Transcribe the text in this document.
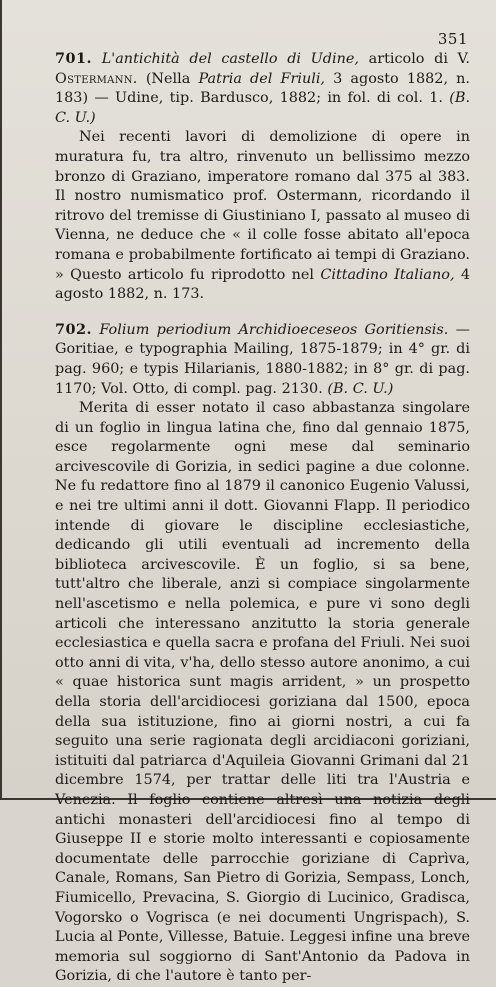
351

701. L'antichità del castello di Udine, articolo di V. Ostermann. (Nella Patria del Friuli, 3 agosto 1882, n. 183) — Udine, tip. Bardusco, 1882; in fol. di col. 1. (B. C. U.)

Nei recenti lavori di demolizione di opere in muratura fu, tra altro, rinvenuto un bellissimo mezzo bronzo di Graziano, imperatore romano dal 375 al 383. Il nostro numismatico prof. Ostermann, ricordando il ritrovo del tremisse di Giustiniano I, passato al museo di Vienna, ne deduce che « il colle fosse abitato all'epoca romana e probabilmente fortificato ai tempi di Graziano. » Questo articolo fu riprodotto nel Cittadino Italiano, 4 agosto 1882, n. 173.

702. Folium periodium Archidioeceseos Goritiensis. — Goritiae, e typographia Mailing, 1875-1879; in 4° gr. di pag. 960; e typis Hilarianis, 1880-1882; in 8° gr. di pag. 1170; Vol. Otto, di compl. pag. 2130. (B. C. U.)

Merita di esser notato il caso abbastanza singolare di un foglio in lingua latina che, fino dal gennaio 1875, esce regolarmente ogni mese dal seminario arcivescovile di Gorizia, in sedici pagine a due colonne. Ne fu redattore fino al 1879 il canonico Eugenio Valussi, e nei tre ultimi anni il dott. Giovanni Flapp. Il periodico intende di giovare le discipline ecclesiastiche, dedicando gli utili eventuali ad incremento della biblioteca arcivescovile. È un foglio, si sa bene, tutt'altro che liberale, anzi si compiace singolarmente nell'ascetismo e nella polemica, e pure vi sono degli articoli che interessano anzitutto la storia generale ecclesiastica e quella sacra e profana del Friuli. Nei suoi otto anni di vita, v'ha, dello stesso autore anonimo, a cui « quae historica sunt magis arrident, » un prospetto della storia dell'arcidiocesi goriziana dal 1500, epoca della sua istituzione, fino ai giorni nostri, a cui fa seguito una serie ragionata degli arcidiaconi goriziani, istituiti dal patriarca d'Aquileia Giovanni Grimani dal 21 dicembre 1574, per trattar delle liti tra l'Austria e Venezia. Il foglio contiene altresì una notizia degli antichi monasteri dell'arcidiocesi fino al tempo di Giuseppe II e storie molto interessanti e copiosamente documentate delle parrocchie goriziane di Caprìva, Canale, Romans, San Pietro di Gorizia, Sempass, Lonch, Fiumicello, Prevacina, S. Giorgio di Lucinico, Gradisca, Vogorsko o Vogrisca (e nei documenti Ungrispach), S. Lucia al Ponte, Villesse, Batuie. Leggesi infine una breve memoria sul soggiorno di Sant'Antonio da Padova in Gorizia, di che l'autore è tanto per-
